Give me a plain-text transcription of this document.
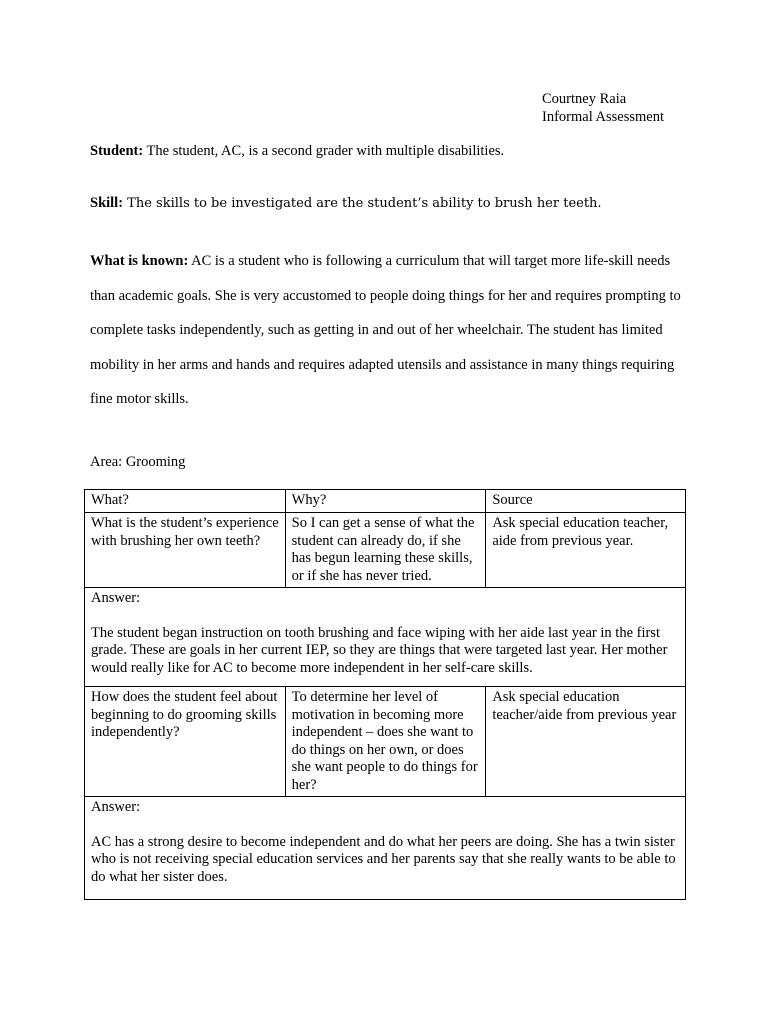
Courtney Raia
Informal Assessment
Student: The student, AC, is a second grader with multiple disabilities.
Skill: The skills to be investigated are the student’s ability to brush her teeth.
What is known: AC is a student who is following a curriculum that will target more life-skill needs than academic goals. She is very accustomed to people doing things for her and requires prompting to complete tasks independently, such as getting in and out of her wheelchair. The student has limited mobility in her arms and hands and requires adapted utensils and assistance in many things requiring fine motor skills.
Area: Grooming
What?	Why?	Source
What is the student’s experience with brushing her own teeth?	So I can get a sense of what the student can already do, if she has begun learning these skills, or if she has never tried.	Ask special education teacher, aide from previous year.
Answer:
The student began instruction on tooth brushing and face wiping with her aide last year in the first grade. These are goals in her current IEP, so they are things that were targeted last year. Her mother would really like for AC to become more independent in her self-care skills.		

How does the student feel about beginning to do grooming skills independently?	To determine her level of motivation in becoming more independent – does she want to do things on her own, or does she want people to do things for her?	Ask special education teacher/aide from previous year
Answer:
AC has a strong desire to become independent and do what her peers are doing. She has a twin sister who is not receiving special education services and her parents say that she really wants to be able to do what her sister does.		
